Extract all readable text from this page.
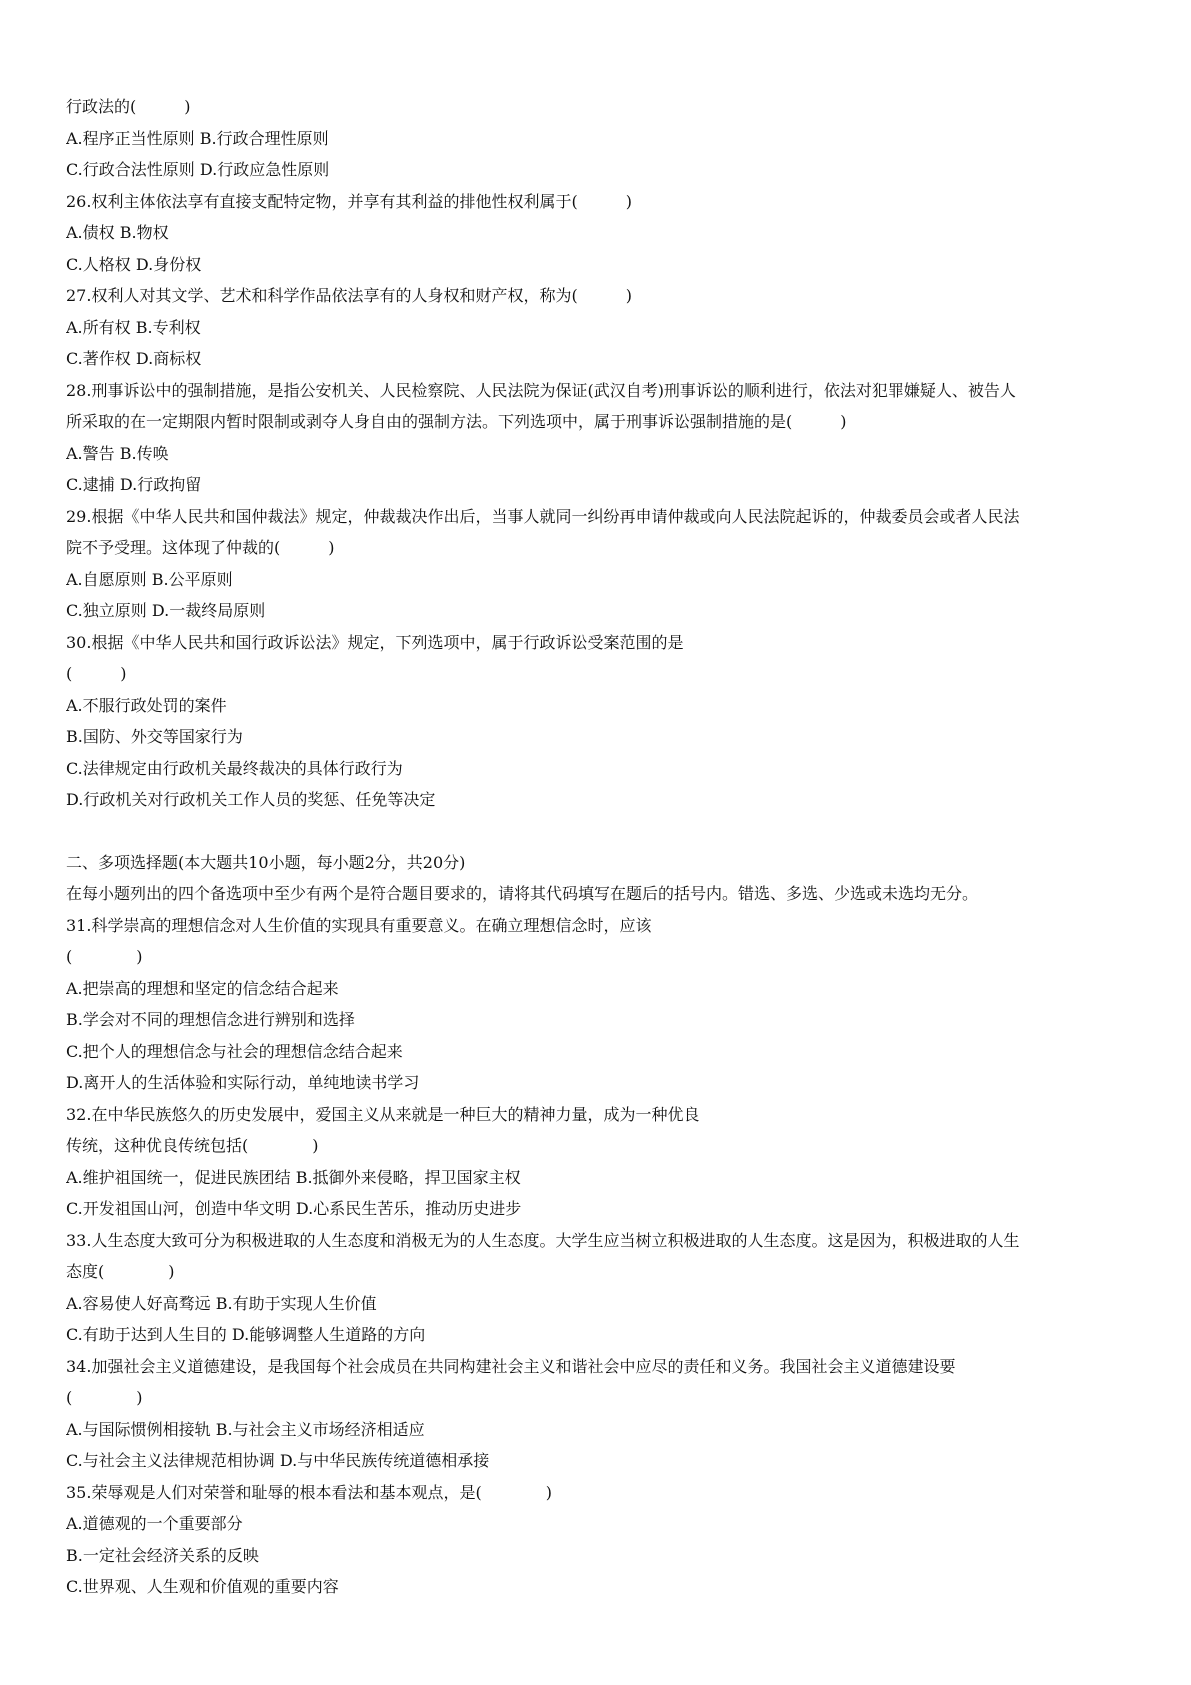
行政法的(　　　)
A.程序正当性原则 B.行政合理性原则
C.行政合法性原则 D.行政应急性原则
26.权利主体依法享有直接支配特定物，并享有其利益的排他性权利属于(　　　)
A.债权 B.物权
C.人格权 D.身份权
27.权利人对其文学、艺术和科学作品依法享有的人身权和财产权，称为(　　　)
A.所有权 B.专利权
C.著作权 D.商标权
28.刑事诉讼中的强制措施，是指公安机关、人民检察院、人民法院为保证(武汉自考)刑事诉讼的顺利进行，依法对犯罪嫌疑人、被告人
所采取的在一定期限内暂时限制或剥夺人身自由的强制方法。下列选项中，属于刑事诉讼强制措施的是(　　　)
A.警告 B.传唤
C.逮捕 D.行政拘留
29.根据《中华人民共和国仲裁法》规定，仲裁裁决作出后，当事人就同一纠纷再申请仲裁或向人民法院起诉的，仲裁委员会或者人民法
院不予受理。这体现了仲裁的(　　　)
A.自愿原则 B.公平原则
C.独立原则 D.一裁终局原则
30.根据《中华人民共和国行政诉讼法》规定，下列选项中，属于行政诉讼受案范围的是
(　　　)
A.不服行政处罚的案件
B.国防、外交等国家行为
C.法律规定由行政机关最终裁决的具体行政行为
D.行政机关对行政机关工作人员的奖惩、任免等决定
二、多项选择题(本大题共10小题，每小题2分，共20分)
在每小题列出的四个备选项中至少有两个是符合题目要求的，请将其代码填写在题后的括号内。错选、多选、少选或未选均无分。
31.科学崇高的理想信念对人生价值的实现具有重要意义。在确立理想信念时，应该
(　　　　)
A.把崇高的理想和坚定的信念结合起来
B.学会对不同的理想信念进行辨别和选择
C.把个人的理想信念与社会的理想信念结合起来
D.离开人的生活体验和实际行动，单纯地读书学习
32.在中华民族悠久的历史发展中，爱国主义从来就是一种巨大的精神力量，成为一种优良
传统，这种优良传统包括(　　　　)
A.维护祖国统一，促进民族团结 B.抵御外来侵略，捍卫国家主权
C.开发祖国山河，创造中华文明 D.心系民生苦乐，推动历史进步
33.人生态度大致可分为积极进取的人生态度和消极无为的人生态度。大学生应当树立积极进取的人生态度。这是因为，积极进取的人生
态度(　　　　)
A.容易使人好高骛远 B.有助于实现人生价值
C.有助于达到人生目的 D.能够调整人生道路的方向
34.加强社会主义道德建设，是我国每个社会成员在共同构建社会主义和谐社会中应尽的责任和义务。我国社会主义道德建设要
(　　　　)
A.与国际惯例相接轨 B.与社会主义市场经济相适应
C.与社会主义法律规范相协调 D.与中华民族传统道德相承接
35.荣辱观是人们对荣誉和耻辱的根本看法和基本观点，是(　　　　)
A.道德观的一个重要部分
B.一定社会经济关系的反映
C.世界观、人生观和价值观的重要内容
